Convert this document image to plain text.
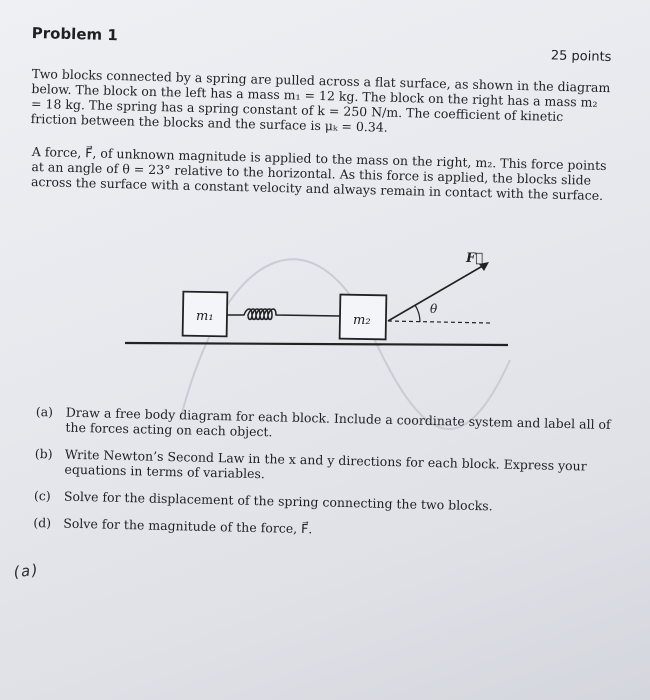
Problem 1
25 points

Two blocks connected by a spring are pulled across a flat surface, as shown in the diagram below. The block on the left has a mass m₁ = 12 kg. The block on the right has a mass m₂ = 18 kg. The spring has a spring constant of k = 250 N/m. The coefficient of kinetic friction between the blocks and the surface is μₖ = 0.34.

A force, F⃗, of unknown magnitude is applied to the mass on the right, m₂. This force points at an angle of θ = 23° relative to the horizontal. As this force is applied, the blocks slide across the surface with a constant velocity and always remain in contact with the surface.

m₁	m₂
F⃗
θ
(a) Draw a free body diagram for each block. Include a coordinate system and label all of the forces acting on each object.
(b) Write Newton’s Second Law in the x and y directions for each block. Express your equations in terms of variables.
(c)	Solve for the displacement of the spring connecting the two blocks.
(d) Solve for the magnitude of the force, F⃗.
(a)
